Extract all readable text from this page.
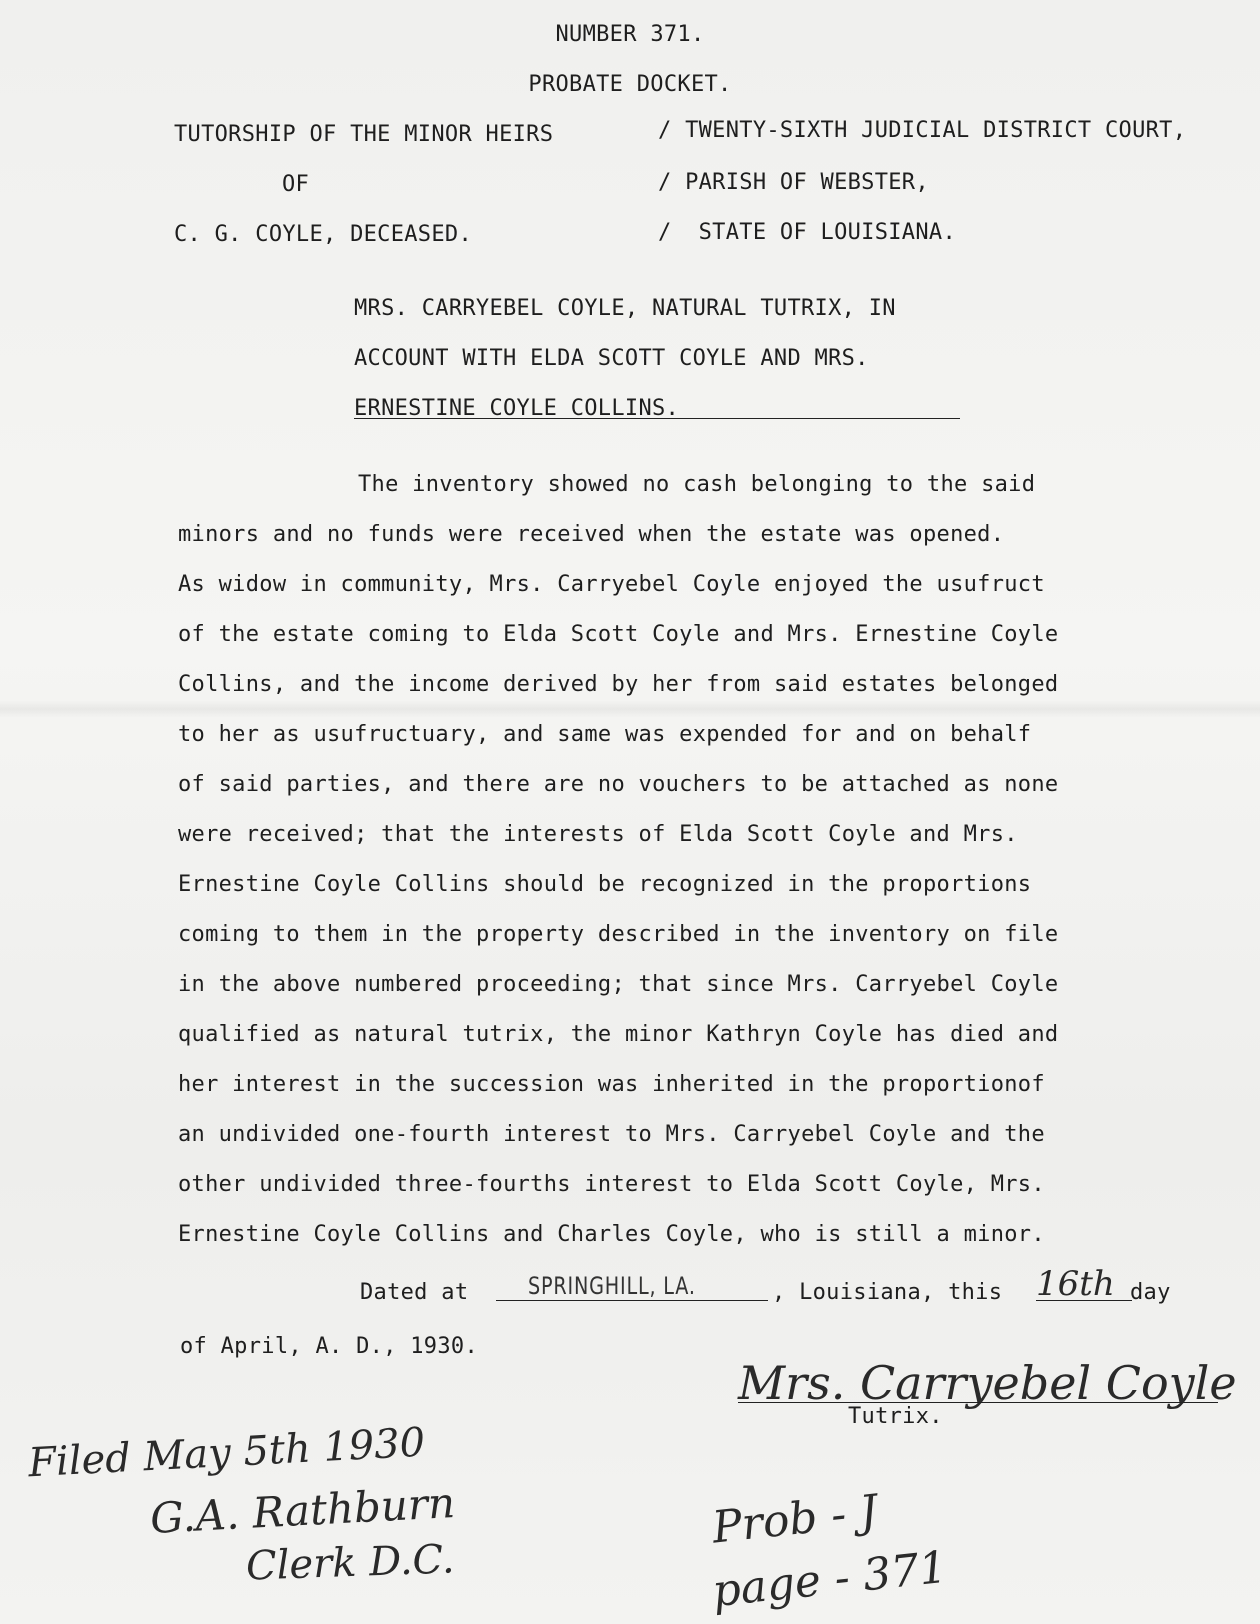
NUMBER 371.
PROBATE DOCKET.
TUTORSHIP OF THE MINOR HEIRS
OF
C. G. COYLE, DECEASED.
/ TWENTY-SIXTH JUDICIAL DISTRICT COURT,
/ PARISH OF WEBSTER,
/  STATE OF LOUISIANA.
MRS. CARRYEBEL COYLE, NATURAL TUTRIX, IN
ACCOUNT WITH ELDA SCOTT COYLE AND MRS.
ERNESTINE COYLE COLLINS.
The inventory showed no cash belonging to the said
minors and no funds were received when the estate was opened.
As widow in community, Mrs. Carryebel Coyle enjoyed the usufruct
of the estate coming to Elda Scott Coyle and Mrs. Ernestine Coyle
Collins, and the income derived by her from said estates belonged
to her as usufructuary, and same was expended for and on behalf
of said parties, and there are no vouchers to be attached as none
were received; that the interests of Elda Scott Coyle and Mrs.
Ernestine Coyle Collins should be recognized in the proportions
coming to them in the property described in the inventory on file
in the above numbered proceeding; that since Mrs. Carryebel Coyle
qualified as natural tutrix, the minor Kathryn Coyle has died and
her interest in the succession was inherited in the proportionof
an undivided one-fourth interest to Mrs. Carryebel Coyle and the
other undivided three-fourths interest to Elda Scott Coyle, Mrs.
Ernestine Coyle Collins and Charles Coyle, who is still a minor.
Dated at SPRINGHILL, LA.	, Louisiana, this 16th day
of April, A. D., 1930.
Mrs. Carryebel Coyle
Tutrix.
Filed May 5th 1930
G.A. Rathburn
Clerk D.C.
Prob - J
page - 371
